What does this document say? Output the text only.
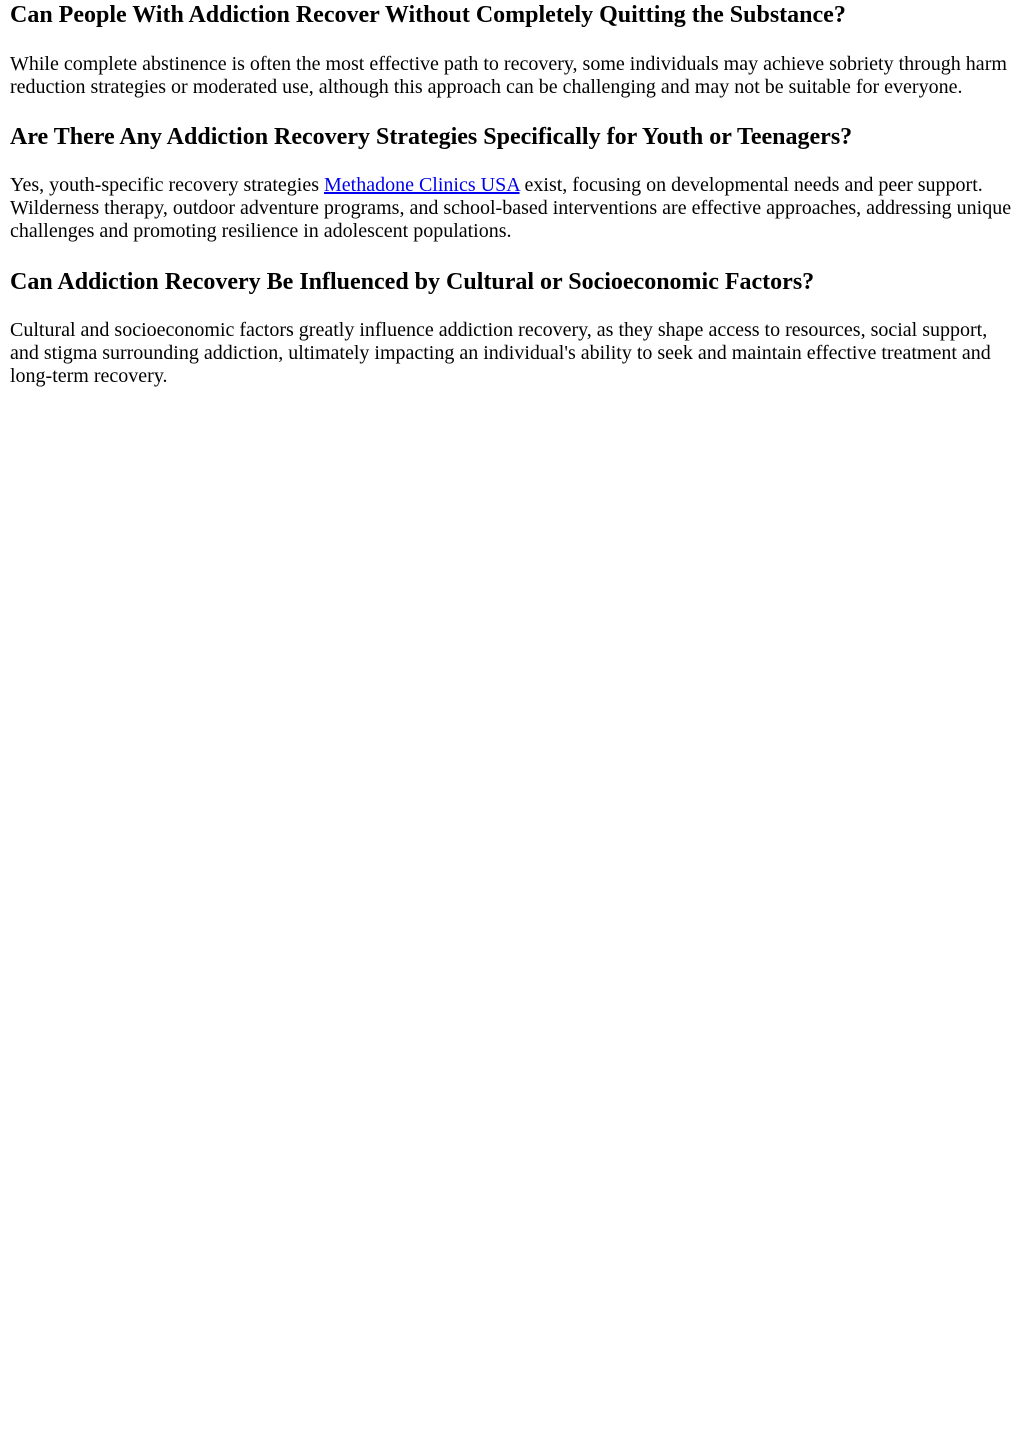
Can People With Addiction Recover Without Completely Quitting the Substance?

While complete abstinence is often the most effective path to recovery, some individuals may achieve sobriety through harm reduction strategies or moderated use, although this approach can be challenging and may not be suitable for everyone.

Are There Any Addiction Recovery Strategies Specifically for Youth or Teenagers?

Yes, youth-specific recovery strategies Methadone Clinics USA exist, focusing on developmental needs and peer support. Wilderness therapy, outdoor adventure programs, and school-based interventions are effective approaches, addressing unique challenges and promoting resilience in adolescent populations.

Can Addiction Recovery Be Influenced by Cultural or Socioeconomic Factors?

Cultural and socioeconomic factors greatly influence addiction recovery, as they shape access to resources, social support, and stigma surrounding addiction, ultimately impacting an individual's ability to seek and maintain effective treatment and long-term recovery.
